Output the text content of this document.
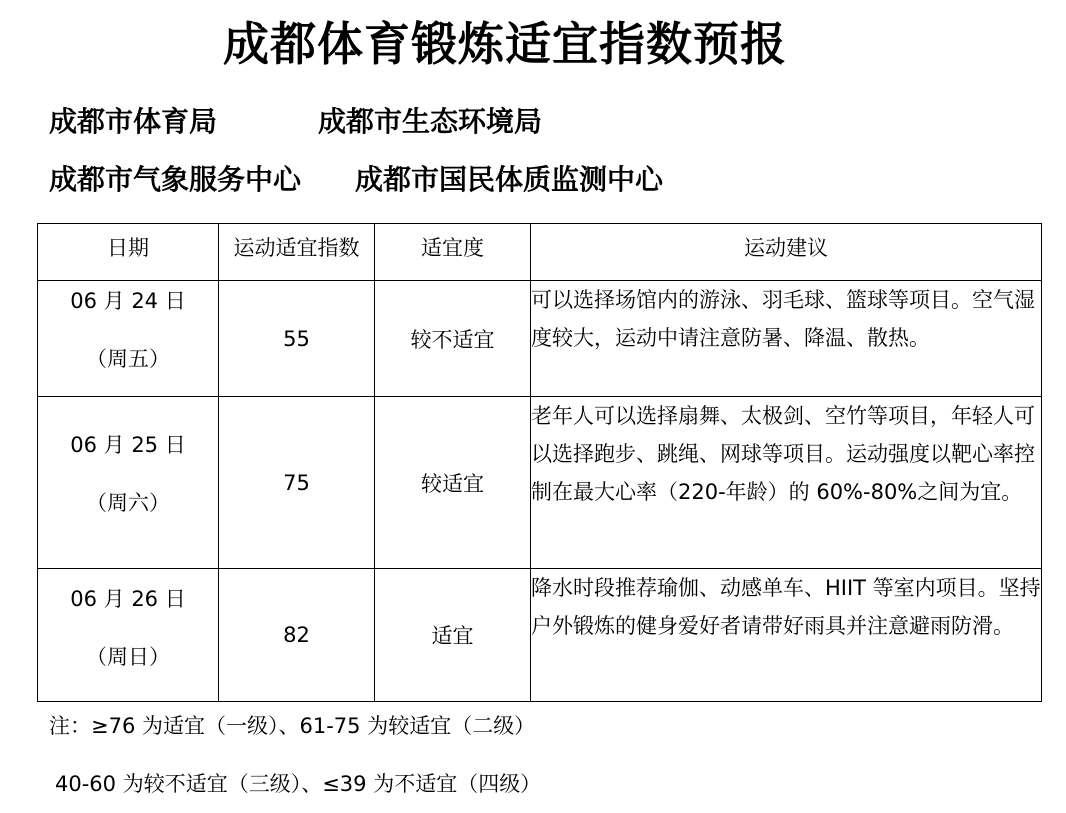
成都体育锻炼适宜指数预报
成都市体育局	成都市生态环境局
成都市气象服务中心 成都市国民体质监测中心
日期	运动适宜指数	适宜度	运动建议

06 月 24 日
（周五）	55	较不适宜	可以选择场馆内的游泳、羽毛球、篮球等项目。空气湿度较大，运动中请注意防暑、降温、散热。

06 月 25 日
（周六）	75	较适宜	老年人可以选择扇舞、太极剑、空竹等项目，年轻人可以选择跑步、跳绳、网球等项目。运动强度以靶心率控制在最大心率（220-年龄）的 60%-80%之间为宜。

06 月 26 日
（周日）	82	适宜	降水时段推荐瑜伽、动感单车、HIIT 等室内项目。坚持户外锻炼的健身爱好者请带好雨具并注意避雨防滑。
注：≥76 为适宜（一级）、61-75 为较适宜（二级）
40-60 为较不适宜（三级）、≤39 为不适宜（四级）
